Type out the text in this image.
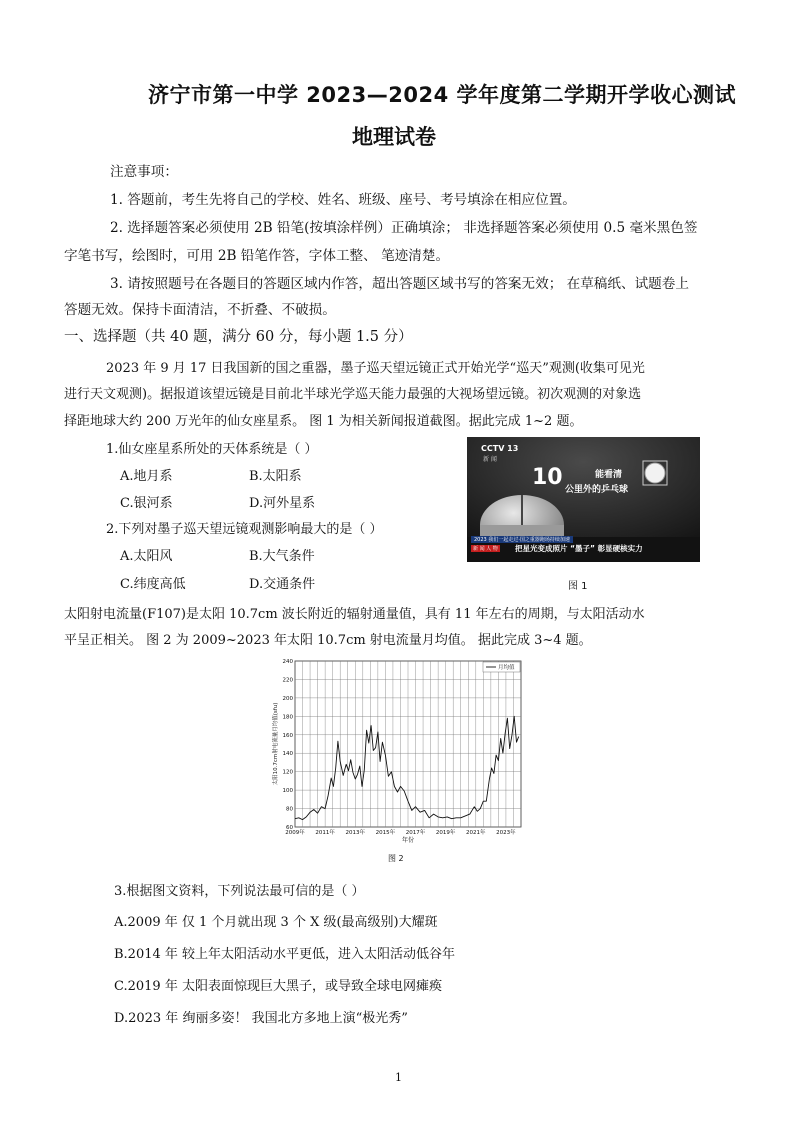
济宁市第一中学 2023—2024 学年度第二学期开学收心测试
地理试卷
注意事项：
1. 答题前，考生先将自己的学校、姓名、班级、座号、考号填涂在相应位置。
2. 选择题答案必须使用 2B 铅笔(按填涂样例）正确填涂； 非选择题答案必须使用 0.5 毫米黑色签
字笔书写，绘图时，可用 2B 铅笔作答，字体工整、 笔迹清楚。
3. 请按照题号在各题目的答题区域内作答，超出答题区域书写的答案无效； 在草稿纸、试题卷上
答题无效。保持卡面清洁，不折叠、不破损。
一、选择题（共 40 题，满分 60 分，每小题 1.5 分）
2023 年 9 月 17 日我国新的国之重器，墨子巡天望远镜正式开始光学“巡天”观测(收集可见光
进行天文观测)。据报道该望远镜是目前北半球光学巡天能力最强的大视场望远镜。初次观测的对象选
择距地球大约 200 万光年的仙女座星系。 图 1 为相关新闻报道截图。据此完成 1~2 题。
1.仙女座星系所处的天体系统是（ ）
A.地月系	B.太阳系
C.银河系	D.河外星系
2.下列对墨子巡天望远镜观测影响最大的是（ ）
A.太阳风	B.大气条件
C.纬度高低	D.交通条件
CCTV 13
新 闻
10	能看清
公里外的乒乓球
2023 我们一起走过·国之重器跑场持续加速
把星光变成照片 “墨子” 彰显硬核实力
新 闻 人 物
图 1
太阳射电流量(F107)是太阳 10.7cm 波长附近的辐射通量值，具有 11 年左右的周期，与太阳活动水
平呈正相关。 图 2 为 2009~2023 年太阳 10.7cm 射电流量月均值。 据此完成 3~4 题。
60
80
100
120
140
160
180
200
220
240
2009年 2011年 2013年 2015年 2017年 2019年 2021年 2023年
年份
太阳10.7cm射电流量月均值(sfu)
月均值
图 2
3.根据图文资料，下列说法最可信的是（ ）
A.2009 年 仅 1 个月就出现 3 个 X 级(最高级别)大耀斑
B.2014 年 较上年太阳活动水平更低，进入太阳活动低谷年
C.2019 年 太阳表面惊现巨大黑子，或导致全球电网瘫痪
D.2023 年 绚丽多姿！ 我国北方多地上演“极光秀”
1
